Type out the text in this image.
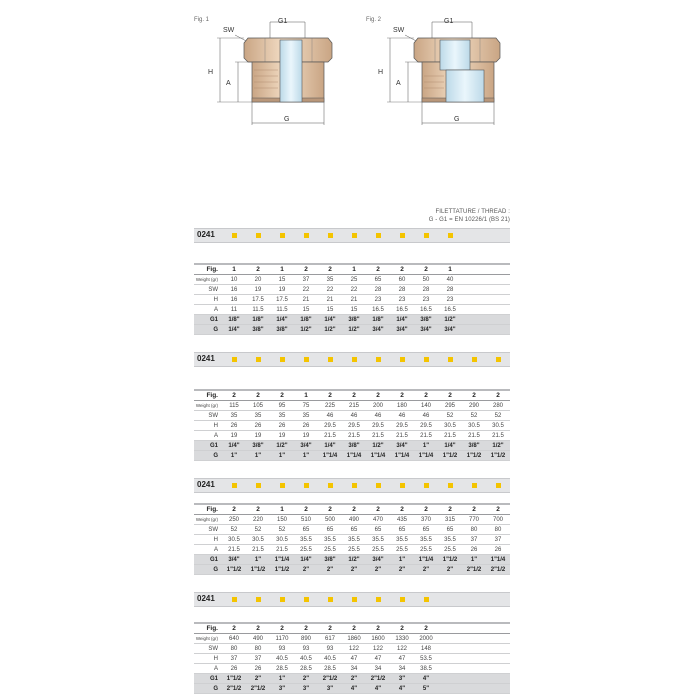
Fig. 1	G1
SW
H
A
G
Fig. 2	G1
SW
H
A
G
FILETTATURE / THREAD :
G - G1 = EN 10226/1 (BS 21)
0241
Fig.	1	2	1	2	2	1	2	2	2	1		
Weight (gr)	10	20	15	37	35	25	65	60	50	40		
SW	16	19	19	22	22	22	28	28	28	28		
H	16	17.5	17.5	21	21	21	23	23	23	23		
A	11	11.5	11.5	15	15	15	16.5	16.5	16.5	16.5		
G1	1/8"	1/8"	1/4"	1/8"	1/4"	3/8"	1/8"	1/4"	3/8"	1/2"		
G	1/4"	3/8"	3/8"	1/2"	1/2"	1/2"	3/4"	3/4"	3/4"	3/4"		
0241
Fig.	2	2	2	1	2	2	2	2	2	2	2	2
Weight (gr)	115	105	95	75	225	215	200	180	140	295	290	280
SW	35	35	35	35	46	46	46	46	46	52	52	52
H	26	26	26	26	29.5	29.5	29.5	29.5	29.5	30.5	30.5	30.5
A	19	19	19	19	21.5	21.5	21.5	21.5	21.5	21.5	21.5	21.5
G1	1/4"	3/8"	1/2"	3/4"	1/4"	3/8"	1/2"	3/4"	1"	1/4"	3/8"	1/2"
G	1"	1"	1"	1"	1"1/4	1"1/4	1"1/4	1"1/4	1"1/4	1"1/2	1"1/2	1"1/2
0241
Fig.	2	2	1	2	2	2	2	2	2	2	2	2
Weight (gr)	250	220	150	510	500	490	470	435	370	315	770	700
SW	52	52	52	65	65	65	65	65	65	65	80	80
H	30.5	30.5	30.5	35.5	35.5	35.5	35.5	35.5	35.5	35.5	37	37
A	21.5	21.5	21.5	25.5	25.5	25.5	25.5	25.5	25.5	25.5	26	26
G1	3/4"	1"	1"1/4	1/4"	3/8"	1/2"	3/4"	1"	1"1/4	1"1/2	1"	1"1/4
G	1"1/2	1"1/2	1"1/2	2"	2"	2"	2"	2"	2"	2"	2"1/2	2"1/2
0241
Fig.	2	2	2	2	2	2	2	2	2			
Weight (gr)	640	490	1170	890	617	1860	1600	1330	2000			
SW	80	80	93	93	93	122	122	122	148			
H	37	37	40.5	40.5	40.5	47	47	47	53.5			
A	26	26	28.5	28.5	28.5	34	34	34	38.5			
G1	1"1/2	2"	1"	2"	2"1/2	2"	2"1/2	3"	4"			
G	2"1/2	2"1/2	3"	3"	3"	4"	4"	4"	5"			
